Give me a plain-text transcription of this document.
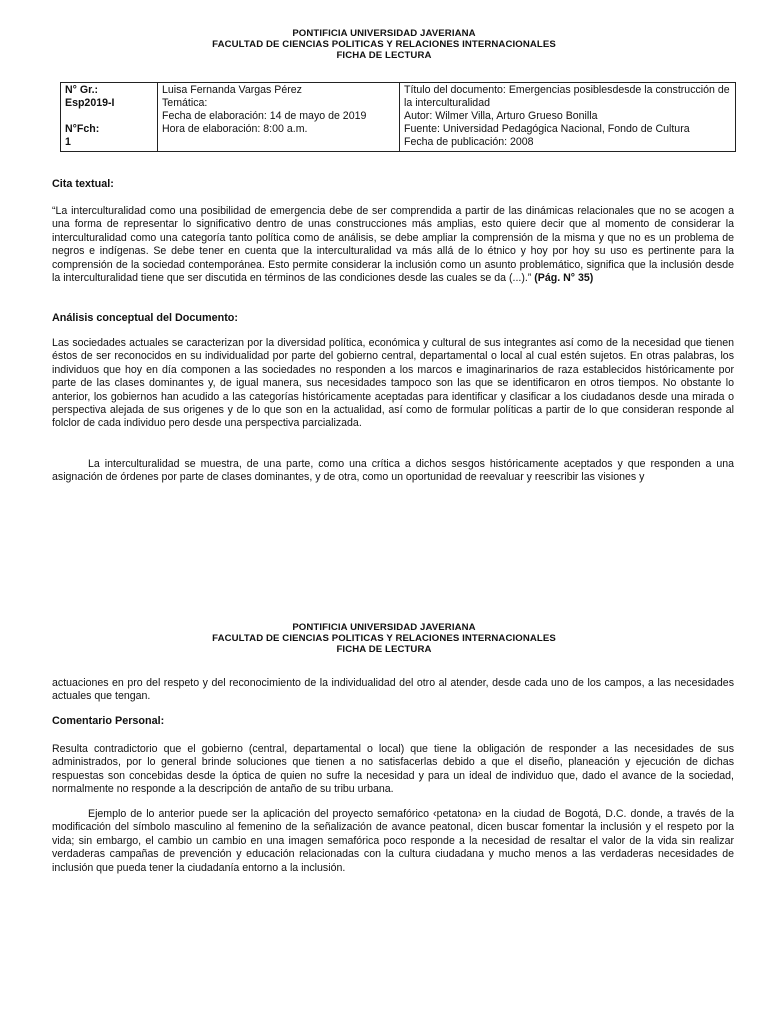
PONTIFICIA UNIVERSIDAD JAVERIANA
FACULTAD DE CIENCIAS POLITICAS Y RELACIONES INTERNACIONALES
FICHA DE LECTURA
N° Gr.:
Esp2019-I
N°Fch:
1

Luisa Fernanda Vargas Pérez
Temática:
Fecha de elaboración: 14 de mayo de 2019
Hora de elaboración: 8:00 a.m.

Título del documento: Emergencias posiblesdesde la construcción de la interculturalidad
Autor: Wilmer Villa, Arturo Grueso Bonilla
Fuente: Universidad Pedagógica Nacional, Fondo de Cultura
Fecha de publicación: 2008
Cita textual:

“La interculturalidad como una posibilidad de emergencia debe de ser comprendida a partir de las dinámicas relacionales que no se acogen a una forma de representar lo significativo dentro de unas construcciones más amplias, esto quiere decir que al momento de considerar la interculturalidad como una categoría tanto política como de análisis, se debe ampliar la comprensión de la misma y que no es un problema de negros e indígenas. Se debe tener en cuenta que la interculturalidad va más allá de lo étnico y hoy por hoy su uso es pertinente para la comprensión de la sociedad contemporánea. Esto permite considerar la inclusión como un asunto problemático, significa que la inclusión desde la interculturalidad tiene que ser discutida en términos de las condiciones desde las cuales se da (...).” (Pág. N° 35)

Análisis conceptual del Documento:

Las sociedades actuales se caracterizan por la diversidad política, económica y cultural de sus integrantes así como de la necesidad que tienen éstos de ser reconocidos en su individualidad por parte del gobierno central, departamental o local al cual estén sujetos. En otras palabras, los individuos que hoy en día componen a las sociedades no responden a los marcos e imaginarinarios de raza establecidos históricamente por parte de las clases dominantes y, de igual manera, sus necesidades tampoco son las que se identificaron en otros tiempos. No obstante lo anterior, los gobiernos han acudido a las categorías históricamente aceptadas para identificar y clasificar a los ciudadanos desde una mirada o perspectiva alejada de sus origenes y de lo que son en la actualidad, así como de formular políticas a partir de lo que consideran responde al folclor de cada individuo pero desde una perspectiva parcializada.

La interculturalidad se muestra, de una parte, como una crítica a dichos sesgos históricamente aceptados y que responden a una asignación de órdenes por parte de clases dominantes, y de otra, como un oportunidad de reevaluar y reescribir las visiones y

PONTIFICIA UNIVERSIDAD JAVERIANA
FACULTAD DE CIENCIAS POLITICAS Y RELACIONES INTERNACIONALES
FICHA DE LECTURA

actuaciones en pro del respeto y del reconocimiento de la individualidad del otro al atender, desde cada uno de los campos, a las necesidades actuales que tengan.

Comentario Personal:

Resulta contradictorio que el gobierno (central, departamental o local) que tiene la obligación de responder a las necesidades de sus administrados, por lo general brinde soluciones que tienen a no satisfacerlas debido a que el diseño, planeación y ejecución de dichas respuestas son concebidas desde la óptica de quien no sufre la necesidad y para un ideal de individuo que, dado el avance de la sociedad, normalmente no responde a la descripción de antaño de su tribu urbana.

Ejemplo de lo anterior puede ser la aplicación del proyecto semafórico ‹petatona› en la ciudad de Bogotá, D.C. donde, a través de la modificación del símbolo masculino al femenino de la señalización de avance peatonal, dicen buscar fomentar la inclusión y el respeto por la vida; sin embargo, el cambio un cambio en una imagen semafórica poco responde a la necesidad de resaltar el valor de la vida sin realizar verdaderas campañas de prevención y educación relacionadas con la cultura ciudadana y mucho menos a las verdaderas necesidades de inclusión que pueda tener la ciudadanía entorno a la inclusión.
